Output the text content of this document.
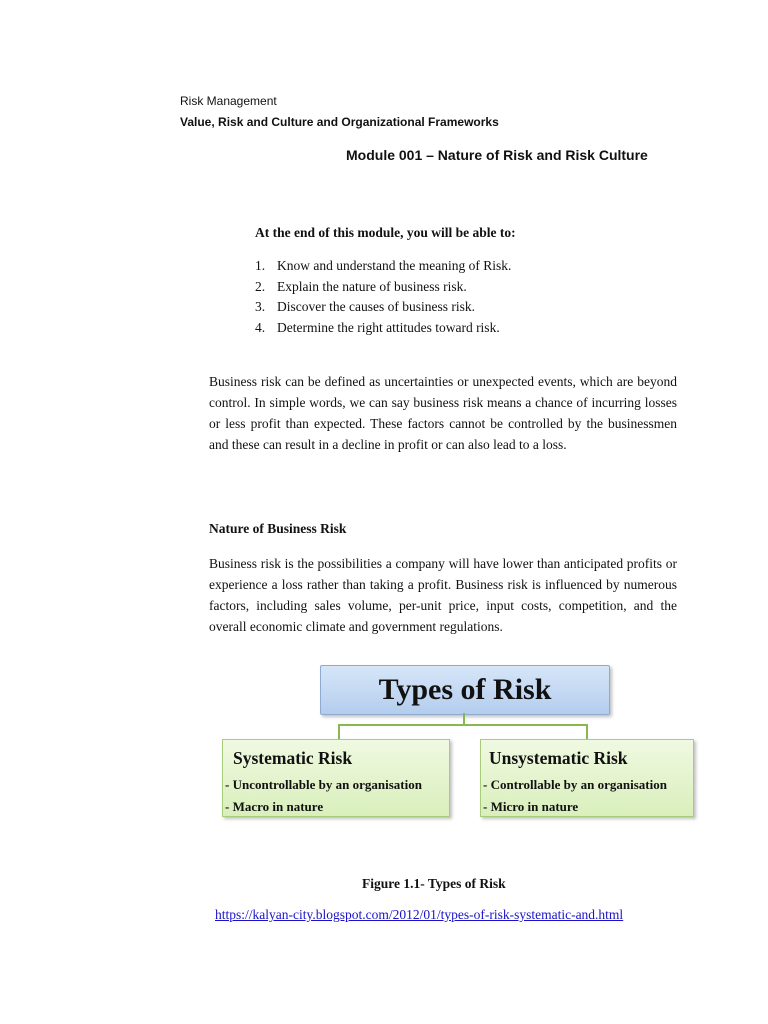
Risk Management
Value, Risk and Culture and Organizational Frameworks
Module 001 – Nature of Risk and Risk Culture
At the end of this module, you will be able to:
1. Know and understand the meaning of Risk.
2. Explain the nature of business risk.
3. Discover the causes of business risk.
4. Determine the right attitudes toward risk.

Business risk can be defined as uncertainties or unexpected events, which are beyond control. In simple words, we can say business risk means a chance of incurring losses or less profit than expected. These factors cannot be controlled by the businessmen and these can result in a decline in profit or can also lead to a loss.

Nature of Business Risk

Business risk is the possibilities a company will have lower than anticipated profits or experience a loss rather than taking a profit. Business risk is influenced by numerous factors, including sales volume, per-unit price, input costs, competition, and the overall economic climate and government regulations.

Types of Risk
Systematic Risk
- Uncontrollable by an organisation
- Macro in nature
Unsystematic Risk
- Controllable by an organisation
- Micro in nature
Figure 1.1- Types of Risk
https://kalyan-city.blogspot.com/2012/01/types-of-risk-systematic-and.html
